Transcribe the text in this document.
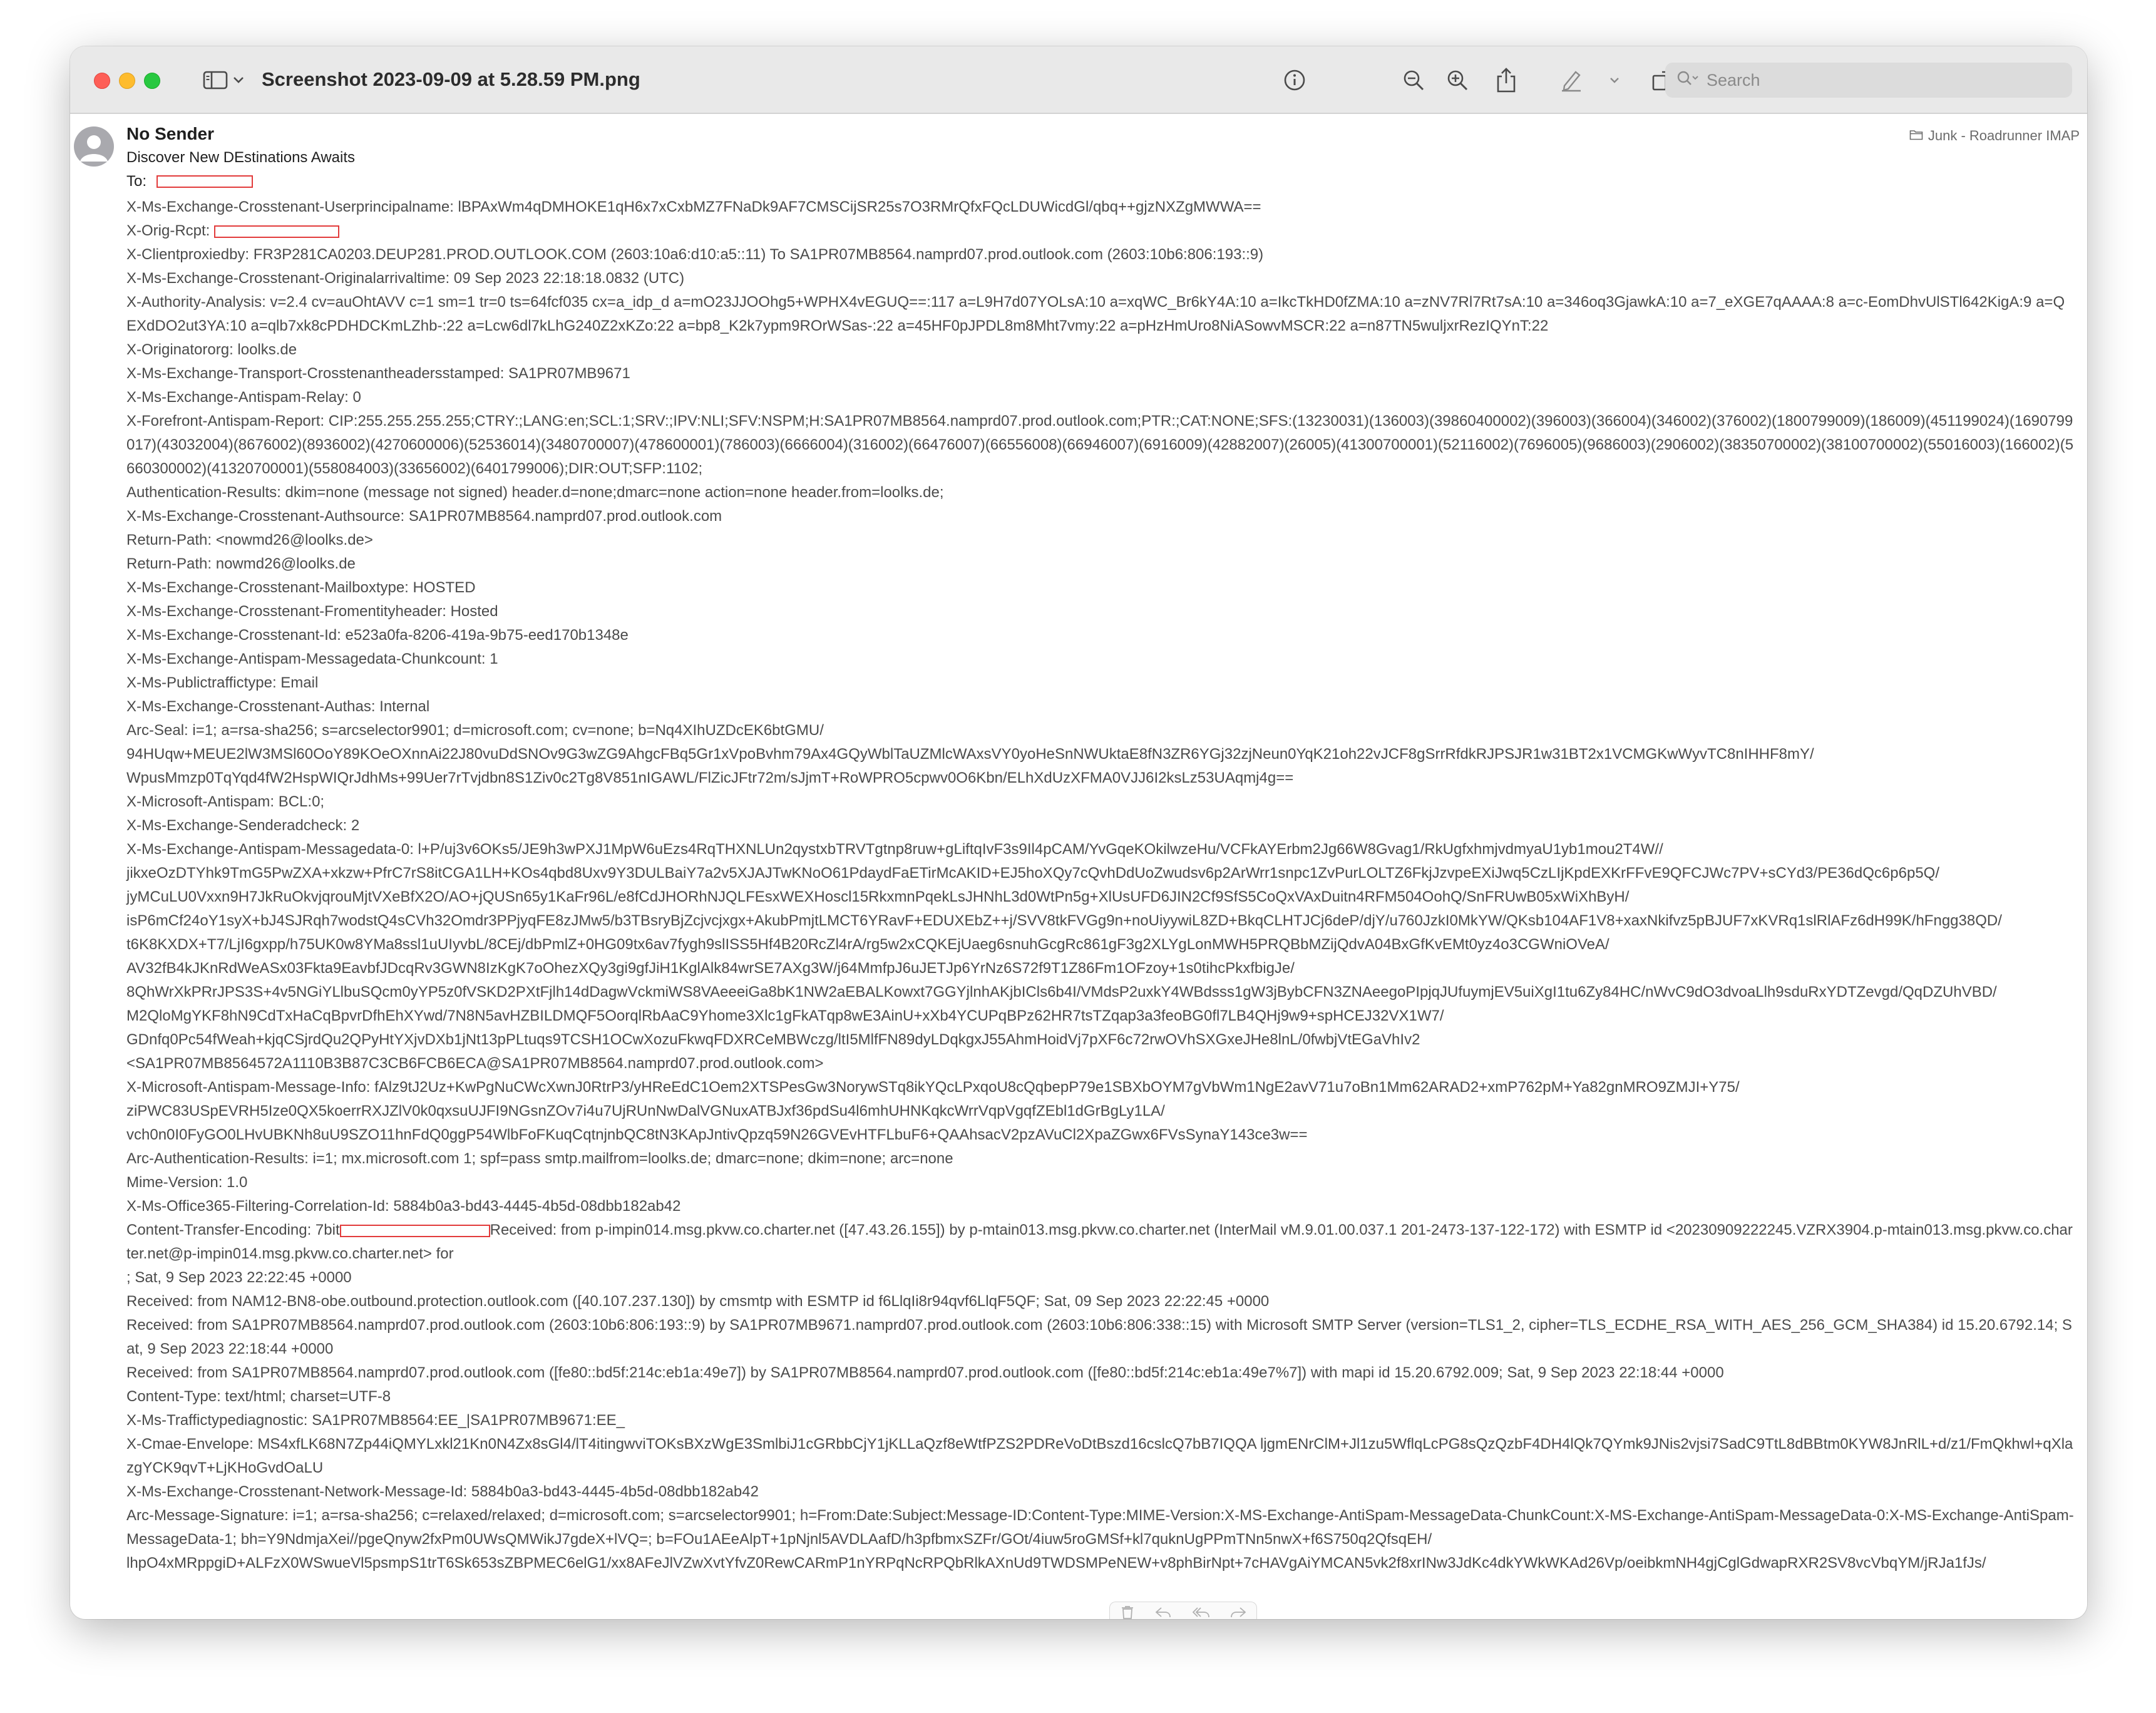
Screenshot 2023-09-09 at 5.28.59 PM.png
Search
Junk - Roadrunner IMAP
No Sender
Discover New DEstinations Awaits
To:
X-Ms-Exchange-Crosstenant-Userprincipalname: lBPAxWm4qDMHOKE1qH6x7xCxbMZ7FNaDk9AF7CMSCijSR25s7O3RMrQfxFQcLDUWicdGl/qbq++gjzNXZgMWWA==
X-Orig-Rcpt:
X-Clientproxiedby: FR3P281CA0203.DEUP281.PROD.OUTLOOK.COM (2603:10a6:d10:a5::11) To SA1PR07MB8564.namprd07.prod.outlook.com (2603:10b6:806:193::9)
X-Ms-Exchange-Crosstenant-Originalarrivaltime: 09 Sep 2023 22:18:18.0832 (UTC)
X-Authority-Analysis: v=2.4 cv=auOhtAVV c=1 sm=1 tr=0 ts=64fcf035 cx=a_idp_d a=mO23JJOOhg5+WPHX4vEGUQ==:117 a=L9H7d07YOLsA:10 a=xqWC_Br6kY4A:10 a=IkcTkHD0fZMA:10 a=zNV7Rl7Rt7sA:10 a=346oq3GjawkA:10 a=7_eXGE7qAAAA:8 a=c-EomDhvUlSTl642KigA:9 a=QEXdDO2ut3YA:10 a=qlb7xk8cPDHDCKmLZhb-:22 a=Lcw6dl7kLhG240Z2xKZo:22 a=bp8_K2k7ypm9ROrWSas-:22 a=45HF0pJPDL8m8Mht7vmy:22 a=pHzHmUro8NiASowvMSCR:22 a=n87TN5wuljxrRezIQYnT:22
X-Originatororg: loolks.de
X-Ms-Exchange-Transport-Crosstenantheadersstamped: SA1PR07MB9671
X-Ms-Exchange-Antispam-Relay: 0
X-Forefront-Antispam-Report: CIP:255.255.255.255;CTRY:;LANG:en;SCL:1;SRV:;IPV:NLI;SFV:NSPM;H:SA1PR07MB8564.namprd07.prod.outlook.com;PTR:;CAT:NONE;SFS:(13230031)(136003)(39860400002)(396003)(366004)(346002)(376002)(1800799009)(186009)(451199024)(1690799017)(43032004)(8676002)(8936002)(4270600006)(52536014)(3480700007)(478600001)(786003)(6666004)(316002)(66476007)(66556008)(66946007)(6916009)(42882007)(26005)(41300700001)(52116002)(7696005)(9686003)(2906002)(38350700002)(38100700002)(55016003)(166002)(5660300002)(41320700001)(558084003)(33656002)(6401799006);DIR:OUT;SFP:1102;
Authentication-Results: dkim=none (message not signed) header.d=none;dmarc=none action=none header.from=loolks.de;
X-Ms-Exchange-Crosstenant-Authsource: SA1PR07MB8564.namprd07.prod.outlook.com
Return-Path: <nowmd26@loolks.de>
Return-Path: nowmd26@loolks.de
X-Ms-Exchange-Crosstenant-Mailboxtype: HOSTED
X-Ms-Exchange-Crosstenant-Fromentityheader: Hosted
X-Ms-Exchange-Crosstenant-Id: e523a0fa-8206-419a-9b75-eed170b1348e
X-Ms-Exchange-Antispam-Messagedata-Chunkcount: 1
X-Ms-Publictraffictype: Email
X-Ms-Exchange-Crosstenant-Authas: Internal
Arc-Seal: i=1; a=rsa-sha256; s=arcselector9901; d=microsoft.com; cv=none; b=Nq4XIhUZDcEK6btGMU/
94HUqw+MEUE2lW3MSl60OoY89KOeOXnnAi22J80vuDdSNOv9G3wZG9AhgcFBq5Gr1xVpoBvhm79Ax4GQyWblTaUZMlcWAxsVY0yoHeSnNWUktaE8fN3ZR6YGj32zjNeun0YqK21oh22vJCF8gSrrRfdkRJPSJR1w31BT2x1VCMGKwWyvTC8nIHHF8mY/
WpusMmzp0TqYqd4fW2HspWIQrJdhMs+99Uer7rTvjdbn8S1Ziv0c2Tg8V851nIGAWL/FlZicJFtr72m/sJjmT+RoWPRO5cpwv0O6Kbn/ELhXdUzXFMA0VJJ6I2ksLz53UAqmj4g==
X-Microsoft-Antispam: BCL:0;
X-Ms-Exchange-Senderadcheck: 2
X-Ms-Exchange-Antispam-Messagedata-0: l+P/uj3v6OKs5/JE9h3wPXJ1MpW6uEzs4RqTHXNLUn2qystxbTRVTgtnp8ruw+gLiftqIvF3s9Il4pCAM/YvGqeKOkilwzeHu/VCFkAYErbm2Jg66W8Gvag1/RkUgfxhmjvdmyaU1yb1mou2T4W//
jikxeOzDTYhk9TmG5PwZXA+xkzw+PfrC7rS8itCGA1LH+KOs4qbd8Uxv9Y3DULBaiY7a2v5XJAJTwKNoO61PdaydFaETirMcAKID+EJ5hoXQy7cQvhDdUoZwudsv6p2ArWrr1snpc1ZvPurLOLTZ6FkjJzvpeEXiJwq5CzLIjKpdEXKrFFvE9QFCJWc7PV+sCYd3/PE36dQc6p6p5Q/
jyMCuLU0Vxxn9H7JkRuOkvjqrouMjtVXeBfX2O/AO+jQUSn65y1KaFr96L/e8fCdJHORhNJQLFEsxWEXHoscl15RkxmnPqekLsJHNhL3d0WtPn5g+XlUsUFD6JIN2Cf9SfS5CoQxVAxDuitn4RFM504OohQ/SnFRUwB05xWiXhByH/
isP6mCf24oY1syX+bJ4SJRqh7wodstQ4sCVh32Omdr3PPjyqFE8zJMw5/b3TBsryBjZcjvcjxgx+AkubPmjtLMCT6YRavF+EDUXEbZ++j/SVV8tkFVGg9n+noUiyywiL8ZD+BkqCLHTJCj6deP/djY/u760JzkI0MkYW/QKsb104AF1V8+xaxNkifvz5pBJUF7xKVRq1slRlAFz6dH99K/hFngg38QD/
t6K8KXDX+T7/LjI6gxpp/h75UK0w8YMa8ssl1uUIyvbL/8CEj/dbPmlZ+0HG09tx6av7fygh9slISS5Hf4B20RcZl4rA/rg5w2xCQKEjUaeg6snuhGcgRc861gF3g2XLYgLonMWH5PRQBbMZijQdvA04BxGfKvEMt0yz4o3CGWniOVeA/
AV32fB4kJKnRdWeASx03Fkta9EavbfJDcqRv3GWN8IzKgK7oOhezXQy3gi9gfJiH1KglAlk84wrSE7AXg3W/j64MmfpJ6uJETJp6YrNz6S72f9T1Z86Fm1OFzoy+1s0tihcPkxfbigJe/
8QhWrXkPRrJPS3S+4v5NGiYLlbuSQcm0yYP5z0fVSKD2PXtFjlh14dDagwVckmiWS8VAeeeiGa8bK1NW2aEBALKowxt7GGYjlnhAKjbICls6b4I/VMdsP2uxkY4WBdsss1gW3jBybCFN3ZNAeegoPIpjqJUfuymjEV5uiXgI1tu6Zy84HC/nWvC9dO3dvoaLlh9sduRxYDTZevgd/QqDZUhVBD/
M2QloMgYKF8hN9CdTxHaCqBpvrDfhEhXYwd/7N8N5avHZBILDMQF5OorqlRbAaC9Yhome3Xlc1gFkATqp8wE3AinU+xXb4YCUPqBPz62HR7tsTZqap3a3feoBG0fl7LB4QHj9w9+spHCEJ32VX1W7/
GDnfq0Pc54fWeah+kjqCSjrdQu2QPyHtYXjvDXb1jNt13pPLtuqs9TCSH1OCwXozuFkwqFDXRCeMBWczg/ltI5MlfFN89dyLDqkgxJ55AhmHoidVj7pXF6c72rwOVhSXGxeJHe8lnL/0fwbjVtEGaVhIv2
<SA1PR07MB8564572A1110B3B87C3CB6FCB6ECA@SA1PR07MB8564.namprd07.prod.outlook.com>
X-Microsoft-Antispam-Message-Info: fAlz9tJ2Uz+KwPgNuCWcXwnJ0RtrP3/yHReEdC1Oem2XTSPesGw3NorywSTq8ikYQcLPxqoU8cQqbepP79e1SBXbOYM7gVbWm1NgE2avV71u7oBn1Mm62ARAD2+xmP762pM+Ya82gnMRO9ZMJI+Y75/
ziPWC83USpEVRH5Ize0QX5koerrRXJZlV0k0qxsuUJFI9NGsnZOv7i4u7UjRUnNwDalVGNuxATBJxf36pdSu4l6mhUHNKqkcWrrVqpVgqfZEbl1dGrBgLy1LA/
vch0n0I0FyGO0LHvUBKNh8uU9SZO11hnFdQ0ggP54WlbFoFKuqCqtnjnbQC8tN3KApJntivQpzq59N26GVEvHTFLbuF6+QAAhsacV2pzAVuCl2XpaZGwx6FVsSynaY143ce3w==
Arc-Authentication-Results: i=1; mx.microsoft.com 1; spf=pass smtp.mailfrom=loolks.de; dmarc=none; dkim=none; arc=none
Mime-Version: 1.0
X-Ms-Office365-Filtering-Correlation-Id: 5884b0a3-bd43-4445-4b5d-08dbb182ab42
Content-Transfer-Encoding: 7bit	Received: from p-impin014.msg.pkvw.co.charter.net ([47.43.26.155]) by p-mtain013.msg.pkvw.co.charter.net (InterMail vM.9.01.00.037.1 201-2473-137-122-172) with ESMTP id <20230909222245.VZRX3904.p-mtain013.msg.pkvw.co.charter.net@p-impin014.msg.pkvw.co.charter.net> for
; Sat, 9 Sep 2023 22:22:45 +0000
Received: from NAM12-BN8-obe.outbound.protection.outlook.com ([40.107.237.130]) by cmsmtp with ESMTP id f6LlqIi8r94qvf6LlqF5QF; Sat, 09 Sep 2023 22:22:45 +0000
Received: from SA1PR07MB8564.namprd07.prod.outlook.com (2603:10b6:806:193::9) by SA1PR07MB9671.namprd07.prod.outlook.com (2603:10b6:806:338::15) with Microsoft SMTP Server (version=TLS1_2, cipher=TLS_ECDHE_RSA_WITH_AES_256_GCM_SHA384) id 15.20.6792.14; Sat, 9 Sep 2023 22:18:44 +0000
Received: from SA1PR07MB8564.namprd07.prod.outlook.com ([fe80::bd5f:214c:eb1a:49e7]) by SA1PR07MB8564.namprd07.prod.outlook.com ([fe80::bd5f:214c:eb1a:49e7%7]) with mapi id 15.20.6792.009; Sat, 9 Sep 2023 22:18:44 +0000
Content-Type: text/html; charset=UTF-8
X-Ms-Traffictypediagnostic: SA1PR07MB8564:EE_|SA1PR07MB9671:EE_
X-Cmae-Envelope: MS4xfLK68N7Zp44iQMYLxkl21Kn0N4Zx8sGl4/lT4itingwviTOKsBXzWgE3SmlbiJ1cGRbbCjY1jKLLaQzf8eWtfPZS2PDReVoDtBszd16cslcQ7bB7IQQA ljgmENrClM+Jl1zu5WflqLcPG8sQzQzbF4DH4lQk7QYmk9JNis2vjsi7SadC9TtL8dBBtm0KYW8JnRlL+d/z1/FmQkhwl+qXlazgYCK9qvT+LjKHoGvdOaLU
X-Ms-Exchange-Crosstenant-Network-Message-Id: 5884b0a3-bd43-4445-4b5d-08dbb182ab42
Arc-Message-Signature: i=1; a=rsa-sha256; c=relaxed/relaxed; d=microsoft.com; s=arcselector9901; h=From:Date:Subject:Message-ID:Content-Type:MIME-Version:X-MS-Exchange-AntiSpam-MessageData-ChunkCount:X-MS-Exchange-AntiSpam-MessageData-0:X-MS-Exchange-AntiSpam-MessageData-1; bh=Y9NdmjaXei//pgeQnyw2fxPm0UWsQMWikJ7gdeX+lVQ=; b=FOu1AEeAlpT+1pNjnl5AVDLAafD/h3pfbmxSZFr/GOt/4iuw5roGMSf+kl7quknUgPPmTNn5nwX+f6S750q2QfsqEH/
lhpO4xMRppgiD+ALFzX0WSwueVl5psmpS1trT6Sk653sZBPMEC6elG1/xx8AFeJlVZwXvtYfvZ0RewCARmP1nYRPqNcRPQbRlkAXnUd9TWDSMPeNEW+v8phBirNpt+7cHAVgAiYMCAN5vk2f8xrINw3JdKc4dkYWkWKAd26Vp/oeibkmNH4gjCglGdwapRXR2SV8vcVbqYM/jRJa1fJs/
